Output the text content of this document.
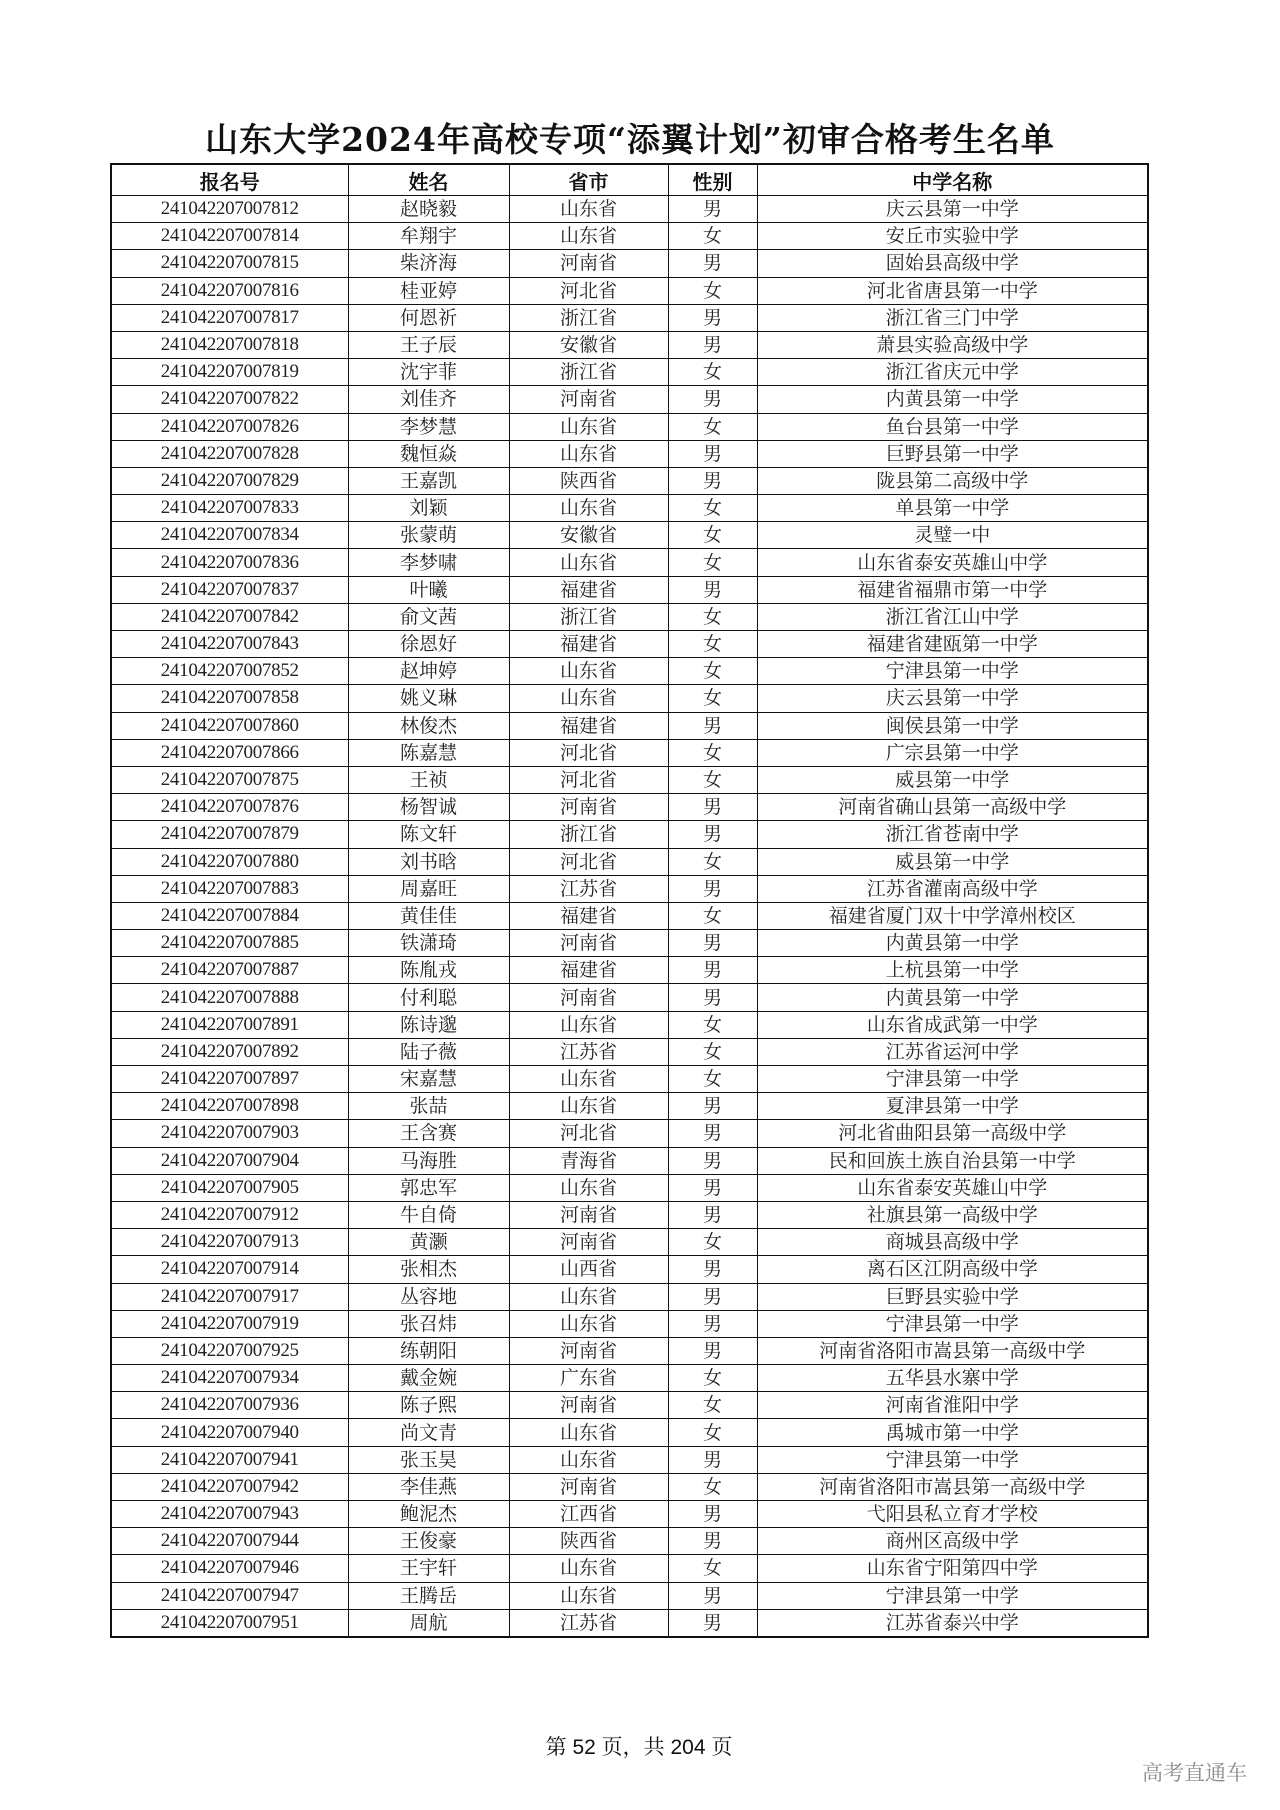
山东大学2024年高校专项“添翼计划”初审合格考生名单
报名号	姓名	省市	性别	中学名称
241042207007812	赵晓毅	山东省	男	庆云县第一中学
241042207007814	牟翔宇	山东省	女	安丘市实验中学
241042207007815	柴济海	河南省	男	固始县高级中学
241042207007816	桂亚婷	河北省	女	河北省唐县第一中学
241042207007817	何恩祈	浙江省	男	浙江省三门中学
241042207007818	王子辰	安徽省	男	萧县实验高级中学
241042207007819	沈宇菲	浙江省	女	浙江省庆元中学
241042207007822	刘佳齐	河南省	男	内黄县第一中学
241042207007826	李梦慧	山东省	女	鱼台县第一中学
241042207007828	魏恒焱	山东省	男	巨野县第一中学
241042207007829	王嘉凯	陕西省	男	陇县第二高级中学
241042207007833	刘颖	山东省	女	单县第一中学
241042207007834	张蒙萌	安徽省	女	灵璧一中
241042207007836	李梦啸	山东省	女	山东省泰安英雄山中学
241042207007837	叶曦	福建省	男	福建省福鼎市第一中学
241042207007842	俞文茜	浙江省	女	浙江省江山中学
241042207007843	徐恩好	福建省	女	福建省建瓯第一中学
241042207007852	赵坤婷	山东省	女	宁津县第一中学
241042207007858	姚义琳	山东省	女	庆云县第一中学
241042207007860	林俊杰	福建省	男	闽侯县第一中学
241042207007866	陈嘉慧	河北省	女	广宗县第一中学
241042207007875	王祯	河北省	女	威县第一中学
241042207007876	杨智诚	河南省	男	河南省确山县第一高级中学
241042207007879	陈文轩	浙江省	男	浙江省苍南中学
241042207007880	刘书晗	河北省	女	威县第一中学
241042207007883	周嘉旺	江苏省	男	江苏省灌南高级中学
241042207007884	黄佳佳	福建省	女	福建省厦门双十中学漳州校区
241042207007885	铁潇琦	河南省	男	内黄县第一中学
241042207007887	陈胤戎	福建省	男	上杭县第一中学
241042207007888	付利聪	河南省	男	内黄县第一中学
241042207007891	陈诗邈	山东省	女	山东省成武第一中学
241042207007892	陆子薇	江苏省	女	江苏省运河中学
241042207007897	宋嘉慧	山东省	女	宁津县第一中学
241042207007898	张喆	山东省	男	夏津县第一中学
241042207007903	王含赛	河北省	男	河北省曲阳县第一高级中学
241042207007904	马海胜	青海省	男	民和回族土族自治县第一中学
241042207007905	郭忠军	山东省	男	山东省泰安英雄山中学
241042207007912	牛自倚	河南省	男	社旗县第一高级中学
241042207007913	黄灏	河南省	女	商城县高级中学
241042207007914	张相杰	山西省	男	离石区江阴高级中学
241042207007917	丛容地	山东省	男	巨野县实验中学
241042207007919	张召炜	山东省	男	宁津县第一中学
241042207007925	练朝阳	河南省	男	河南省洛阳市嵩县第一高级中学
241042207007934	戴金婉	广东省	女	五华县水寨中学
241042207007936	陈子熙	河南省	女	河南省淮阳中学
241042207007940	尚文青	山东省	女	禹城市第一中学
241042207007941	张玉昊	山东省	男	宁津县第一中学
241042207007942	李佳燕	河南省	女	河南省洛阳市嵩县第一高级中学
241042207007943	鲍泥杰	江西省	男	弋阳县私立育才学校
241042207007944	王俊豪	陕西省	男	商州区高级中学
241042207007946	王宇轩	山东省	女	山东省宁阳第四中学
241042207007947	王腾岳	山东省	男	宁津县第一中学
241042207007951	周航	江苏省	男	江苏省泰兴中学
第 52 页，共 204 页
高考直通车
